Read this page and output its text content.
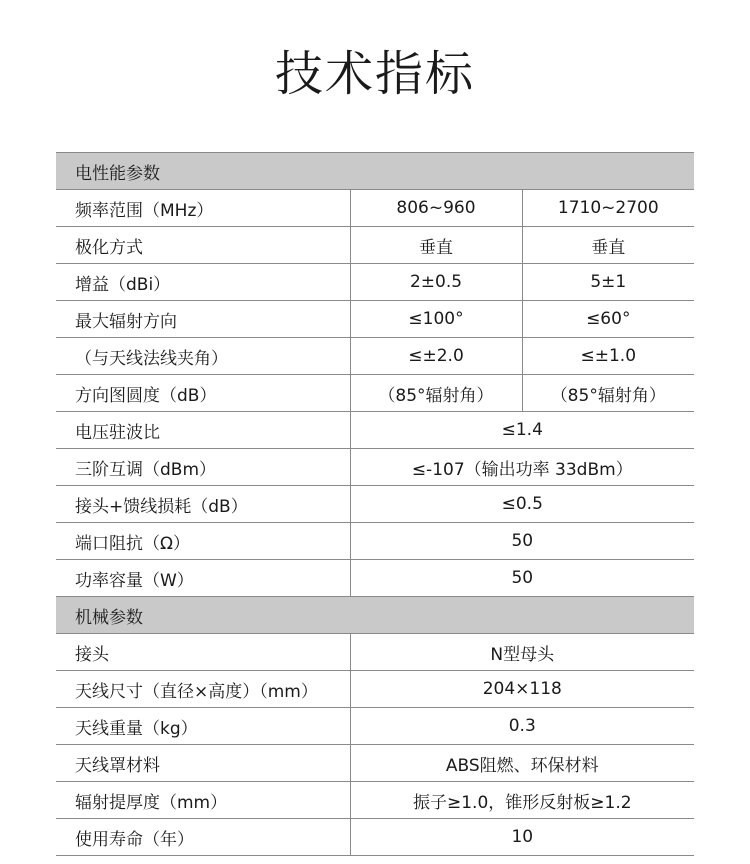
技术指标
电性能参数		
频率范围（MHz）	806~960	1710~2700
极化方式	垂直	垂直
增益（dBi）	2±0.5	5±1
最大辐射方向	≤100°	≤60°
（与天线法线夹角）	≤±2.0	≤±1.0
方向图圆度（dB）	（85°辐射角）	（85°辐射角）
电压驻波比	≤1.4	
三阶互调（dBm）	≤-107（输出功率 33dBm）	
接头+馈线损耗（dB）	≤0.5	
端口阻抗（Ω）	50	
功率容量（W）	50	
机械参数		
接头	N型母头	
天线尺寸（直径×高度）（mm）	204×118	
天线重量（kg）	0.3	
天线罩材料	ABS阻燃、环保材料	
辐射提厚度（mm）	振子≥1.0，锥形反射板≥1.2	
使用寿命（年）	10	
